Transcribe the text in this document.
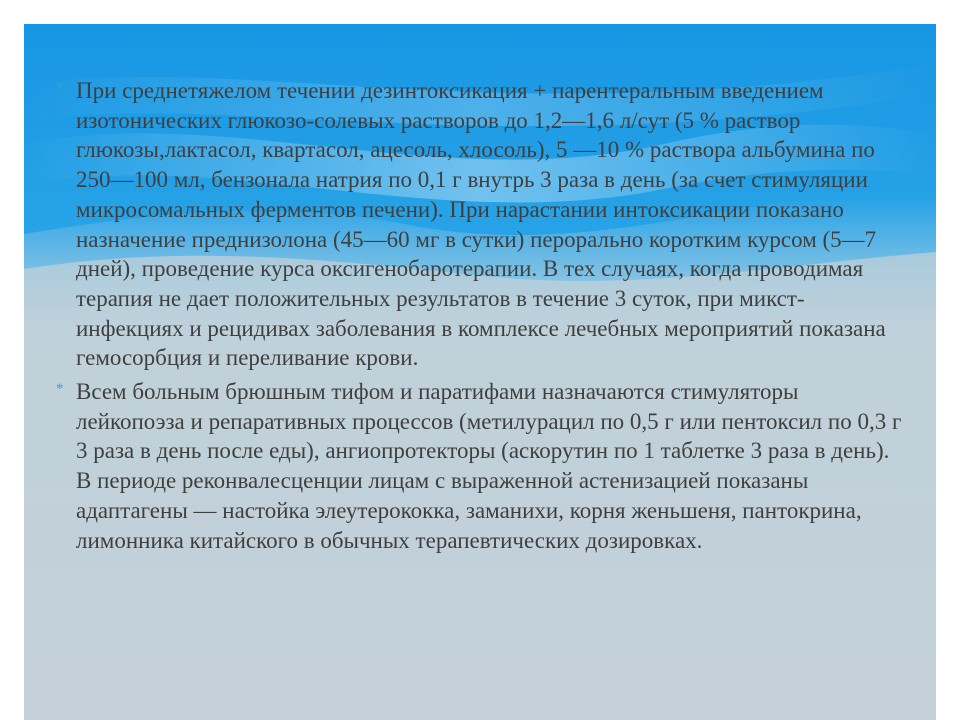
* При среднетяжелом течении дезинтоксикация + парентеральным введением изотонических глюкозо-солевых растворов до 1,2—1,6 л/сут (5 % раствор глюкозы,лактасол, квартасол, ацесоль, хлосоль), 5 —10 % раствора альбумина по 250—100 мл, бензонала натрия по 0,1 г внутрь 3 раза в день (за счет стимуляции микросомальных ферментов печени). При нарастании интоксикации показано назначение преднизолона (45—60 мг в сутки) перорально коротким курсом (5—7 дней), проведение курса оксигенобаротерапии. В тех случаях, когда проводимая терапия не дает положительных результатов в течение 3 суток, при микст-инфекциях и рецидивах заболевания в комплексе лечебных мероприятий показана гемосорбция и переливание крови.
* Всем больным брюшным тифом и паратифами назначаются стимуляторы лейкопоэза и репаративных процессов (метилурацил по 0,5 г или пентоксил по 0,3 г 3 раза в день после еды), ангиопротекторы (аскорутин по 1 таблетке 3 раза в день). В периоде реконвалесценции лицам с выраженной астенизацией показаны адаптагены — настойка элеутерококка, заманихи, корня женьшеня, пантокрина, лимонника китайского в обычных терапевтических дозировках.
